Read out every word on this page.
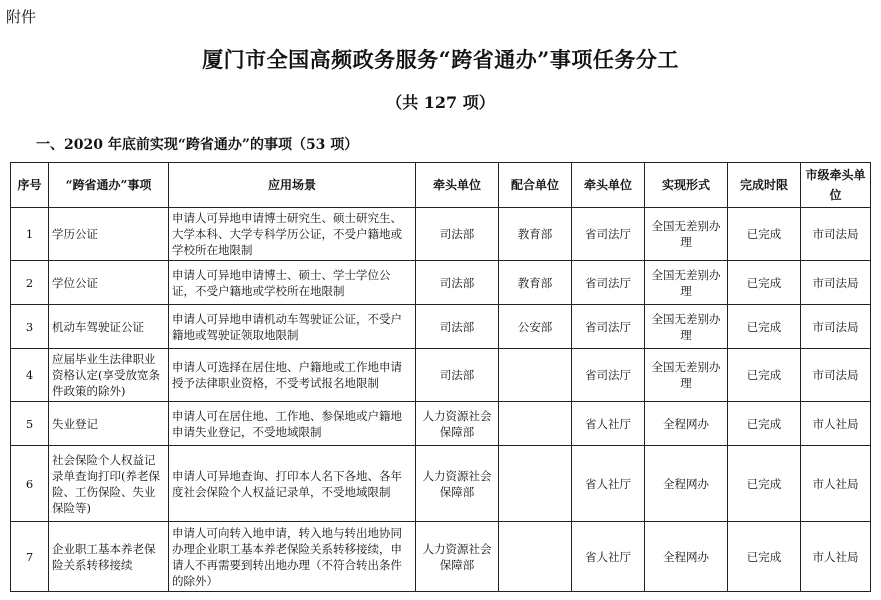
附件
厦门市全国高频政务服务“跨省通办”事项任务分工
（共 127 项）
一、2020 年底前实现“跨省通办”的事项（53 项）
序号	“跨省通办”事项	应用场景	牵头单位	配合单位	牵头单位	实现形式	完成时限	市级牵头单位
1	学历公证	申请人可异地申请博士研究生、硕士研究生、大学本科、大学专科学历公证，不受户籍地或学校所在地限制	司法部	教育部	省司法厅	全国无差别办理	已完成	市司法局
2	学位公证	申请人可异地申请博士、硕士、学士学位公证，不受户籍地或学校所在地限制	司法部	教育部	省司法厅	全国无差别办理	已完成	市司法局
3	机动车驾驶证公证	申请人可异地申请机动车驾驶证公证，不受户籍地或驾驶证领取地限制	司法部	公安部	省司法厅	全国无差别办理	已完成	市司法局
4	应届毕业生法律职业资格认定(享受放宽条件政策的除外)	申请人可选择在居住地、户籍地或工作地申请授予法律职业资格，不受考试报名地限制	司法部		省司法厅	全国无差别办理	已完成	市司法局
5	失业登记	申请人可在居住地、工作地、参保地或户籍地申请失业登记，不受地域限制	人力资源社会保障部		省人社厅	全程网办	已完成	市人社局
6	社会保险个人权益记录单查询打印(养老保险、工伤保险、失业保险等)	申请人可异地查询、打印本人名下各地、各年度社会保险个人权益记录单，不受地域限制	人力资源社会保障部		省人社厅	全程网办	已完成	市人社局
7	企业职工基本养老保险关系转移接续	申请人可向转入地申请，转入地与转出地协同办理企业职工基本养老保险关系转移接续，申请人不再需要到转出地办理（不符合转出条件的除外）	人力资源社会保障部		省人社厅	全程网办	已完成	市人社局
